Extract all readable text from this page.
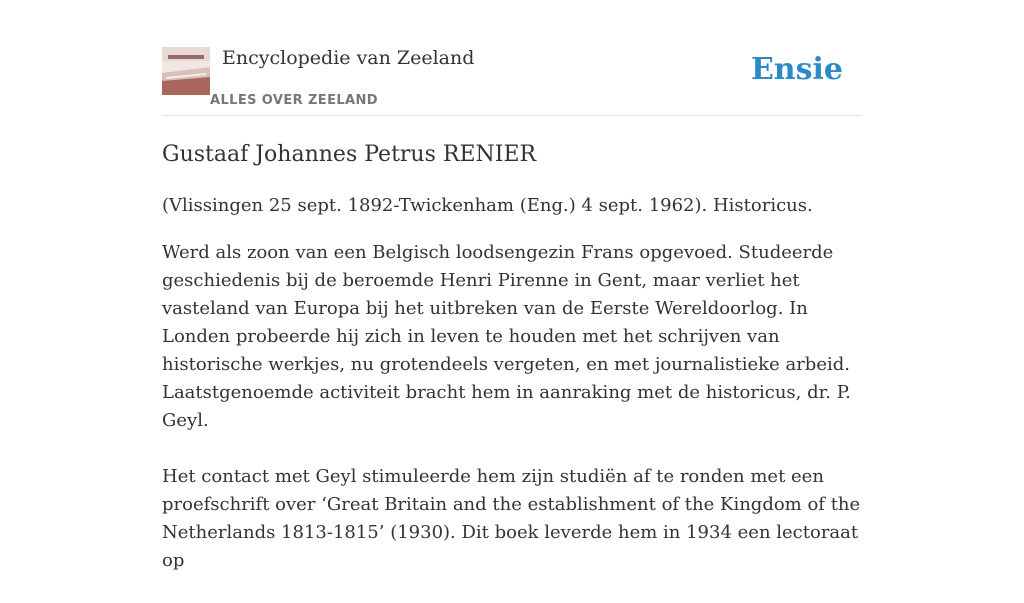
Encyclopedie van Zeeland
ALLES OVER ZEELAND
Ensie
Gustaaf Johannes Petrus RENIER

(Vlissingen 25 sept. 1892-Twickenham (Eng.) 4 sept. 1962). Historicus.

Werd als zoon van een Belgisch loodsengezin Frans opgevoed. Studeerde geschiedenis bij de beroemde Henri Pirenne in Gent, maar verliet het vasteland van Europa bij het uitbreken van de Eerste Wereldoorlog. In Londen probeerde hij zich in leven te houden met het schrijven van historische werkjes, nu grotendeels vergeten, en met journalistieke arbeid. Laatstgenoemde activiteit bracht hem in aanraking met de historicus, dr. P. Geyl.

Het contact met Geyl stimuleerde hem zijn studiën af te ronden met een proefschrift over ‘Great Britain and the establishment of the Kingdom of the Netherlands 1813-1815’ (1930). Dit boek leverde hem in 1934 een lectoraat op
